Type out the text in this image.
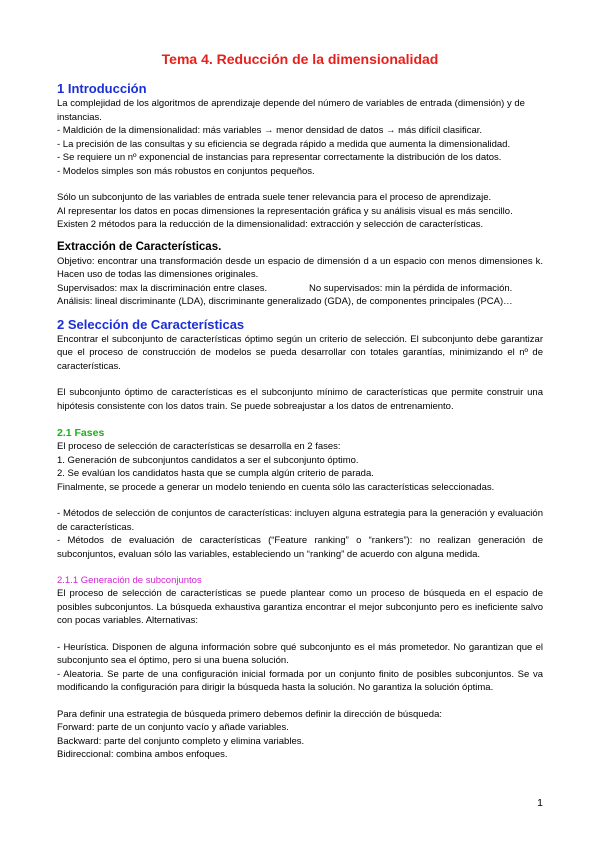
Tema 4. Reducción de la dimensionalidad
1 Introducción

La complejidad de los algoritmos de aprendizaje depende del número de variables de entrada (dimensión) y de instancias.

- Maldición de la dimensionalidad: más variables → menor densidad de datos → más difícil clasificar.

- La precisión de las consultas y su eficiencia se degrada rápido a medida que aumenta la dimensionalidad.

- Se requiere un nº exponencial de instancias para representar correctamente la distribución de los datos.

- Modelos simples son más robustos en conjuntos pequeños.

Sólo un subconjunto de las variables de entrada suele tener relevancia para el proceso de aprendizaje.

Al representar los datos en pocas dimensiones la representación gráfica y su análisis visual es más sencillo.

Existen 2 métodos para la reducción de la dimensionalidad: extracción y selección de características.

Extracción de Características.

Objetivo: encontrar una transformación desde un espacio de dimensión d a un espacio con menos dimensiones k. Hacen uso de todas las dimensiones originales.

Supervisados: max la discriminación entre clases.	No supervisados: min la pérdida de información.

Análisis: lineal discriminante (LDA), discriminante generalizado (GDA), de componentes principales (PCA)…

2 Selección de Características

Encontrar el subconjunto de características óptimo según un criterio de selección. El subconjunto debe garantizar que el proceso de construcción de modelos se pueda desarrollar con totales garantías, minimizando el nº de características.

El subconjunto óptimo de características es el subconjunto mínimo de características que permite construir una hipótesis consistente con los datos train. Se puede sobreajustar a los datos de entrenamiento.

2.1 Fases

El proceso de selección de características se desarrolla en 2 fases:

1. Generación de subconjuntos candidatos a ser el subconjunto óptimo.

2. Se evalúan los candidatos hasta que se cumpla algún criterio de parada.

Finalmente, se procede a generar un modelo teniendo en cuenta sólo las características seleccionadas.

- Métodos de selección de conjuntos de características: incluyen alguna estrategia para la generación y evaluación de características.

- Métodos de evaluación de características (“Feature ranking” o “rankers”): no realizan generación de subconjuntos, evaluan sólo las variables, estableciendo un “ranking” de acuerdo con alguna medida.

2.1.1 Generación de subconjuntos

El proceso de selección de características se puede plantear como un proceso de búsqueda en el espacio de posibles subconjuntos. La búsqueda exhaustiva garantiza encontrar el mejor subconjunto pero es ineficiente salvo con pocas variables. Alternativas:

- Heurística. Disponen de alguna información sobre qué subconjunto es el más prometedor. No garantizan que el subconjunto sea el óptimo, pero si una buena solución.

- Aleatoria. Se parte de una configuración inicial formada por un conjunto finito de posibles subconjuntos. Se va modificando la configuración para dirigir la búsqueda hasta la solución. No garantiza la solución óptima.

Para definir una estrategia de búsqueda primero debemos definir la dirección de búsqueda:

Forward: parte de un conjunto vacío y añade variables.

Backward: parte del conjunto completo y elimina variables.

Bidireccional: combina ambos enfoques.

1
